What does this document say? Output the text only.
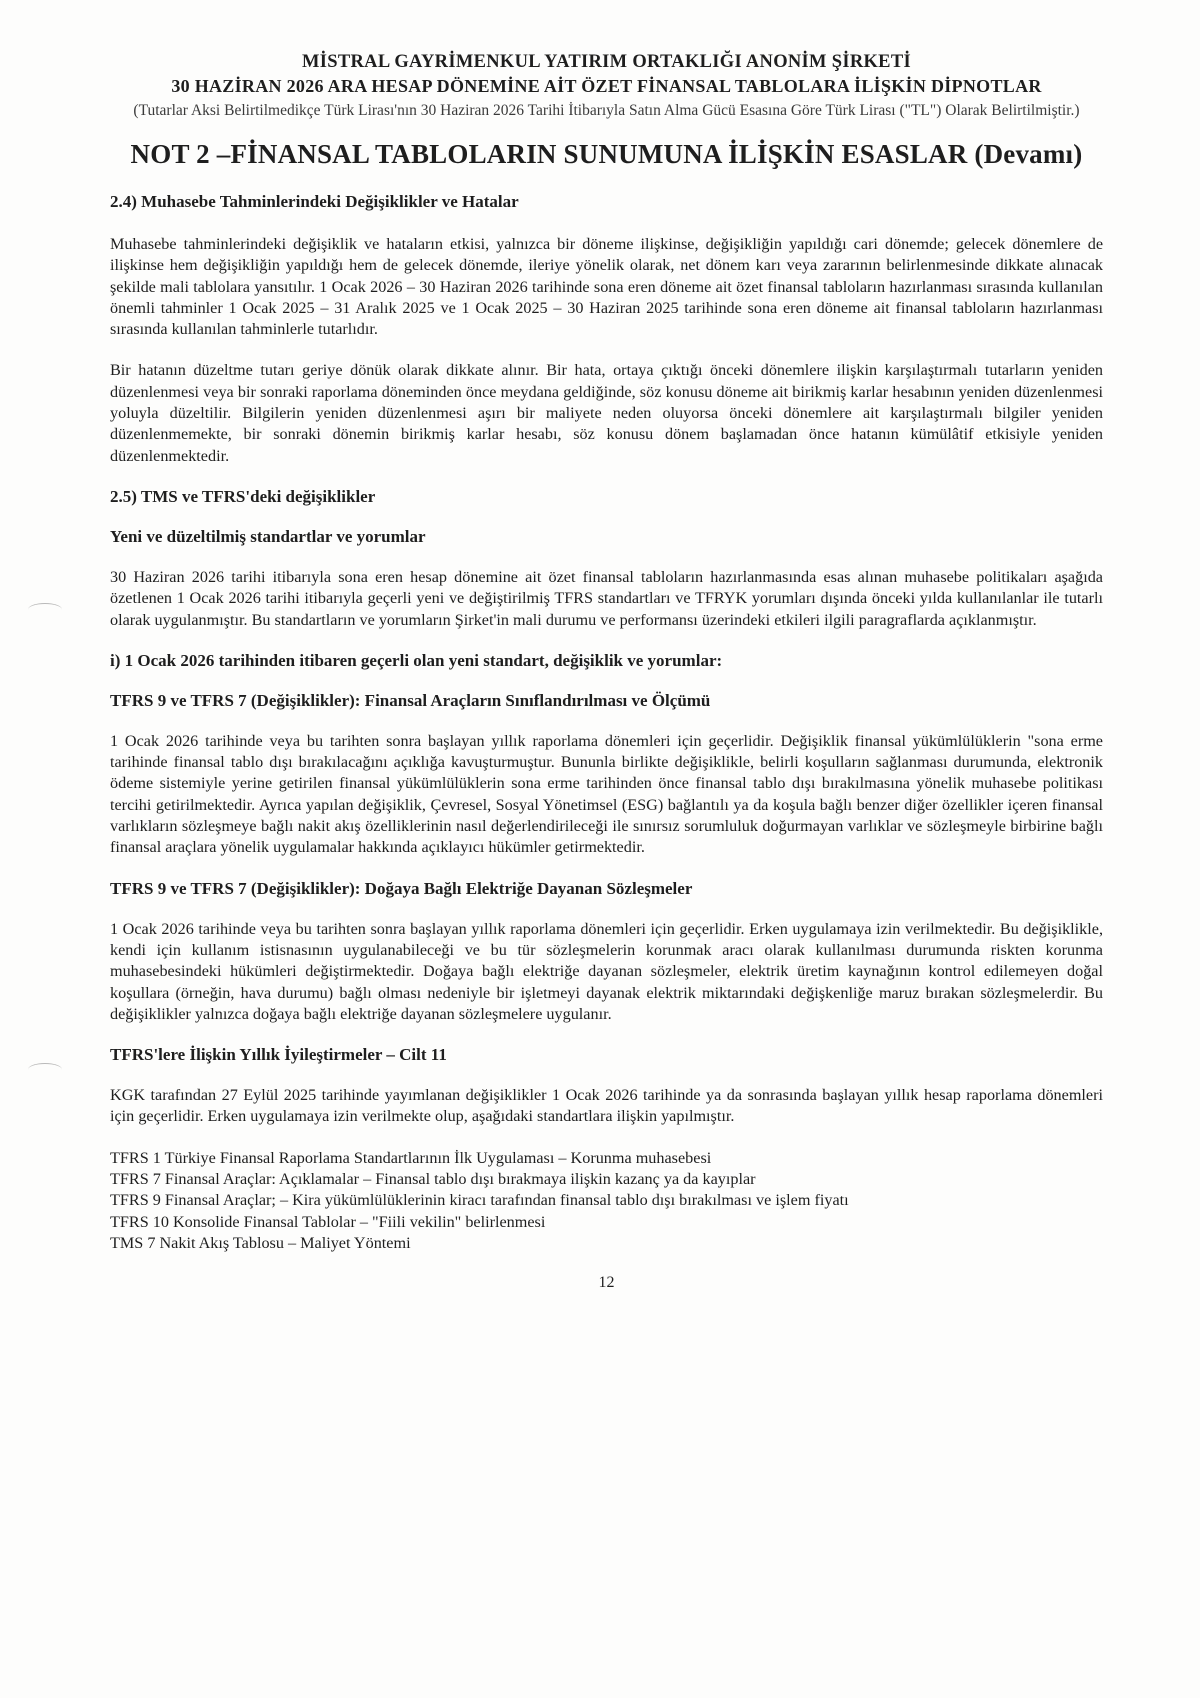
MİSTRAL GAYRİMENKUL YATIRIM ORTAKLIĞI ANONİM ŞİRKETİ
30 HAZİRAN 2026 ARA HESAP DÖNEMİNE AİT ÖZET FİNANSAL TABLOLARA İLİŞKİN DİPNOTLAR
(Tutarlar Aksi Belirtilmedikçe Türk Lirası'nın 30 Haziran 2026 Tarihi İtibarıyla Satın Alma Gücü Esasına Göre Türk Lirası ("TL") Olarak Belirtilmiştir.)
NOT 2 –FİNANSAL TABLOLARIN SUNUMUNA İLİŞKİN ESASLAR (Devamı)
2.4) Muhasebe Tahminlerindeki Değişiklikler ve Hatalar

Muhasebe tahminlerindeki değişiklik ve hataların etkisi, yalnızca bir döneme ilişkinse, değişikliğin yapıldığı cari dönemde; gelecek dönemlere de ilişkinse hem değişikliğin yapıldığı hem de gelecek dönemde, ileriye yönelik olarak, net dönem karı veya zararının belirlenmesinde dikkate alınacak şekilde mali tablolara yansıtılır. 1 Ocak 2026 – 30 Haziran 2026 tarihinde sona eren döneme ait özet finansal tabloların hazırlanması sırasında kullanılan önemli tahminler 1 Ocak 2025 – 31 Aralık 2025 ve 1 Ocak 2025 – 30 Haziran 2025 tarihinde sona eren döneme ait finansal tabloların hazırlanması sırasında kullanılan tahminlerle tutarlıdır.

Bir hatanın düzeltme tutarı geriye dönük olarak dikkate alınır. Bir hata, ortaya çıktığı önceki dönemlere ilişkin karşılaştırmalı tutarların yeniden düzenlenmesi veya bir sonraki raporlama döneminden önce meydana geldiğinde, söz konusu döneme ait birikmiş karlar hesabının yeniden düzenlenmesi yoluyla düzeltilir. Bilgilerin yeniden düzenlenmesi aşırı bir maliyete neden oluyorsa önceki dönemlere ait karşılaştırmalı bilgiler yeniden düzenlenmemekte, bir sonraki dönemin birikmiş karlar hesabı, söz konusu dönem başlamadan önce hatanın kümülâtif etkisiyle yeniden düzenlenmektedir.

2.5) TMS ve TFRS'deki değişiklikler
Yeni ve düzeltilmiş standartlar ve yorumlar

30 Haziran 2026 tarihi itibarıyla sona eren hesap dönemine ait özet finansal tabloların hazırlanmasında esas alınan muhasebe politikaları aşağıda özetlenen 1 Ocak 2026 tarihi itibarıyla geçerli yeni ve değiştirilmiş TFRS standartları ve TFRYK yorumları dışında önceki yılda kullanılanlar ile tutarlı olarak uygulanmıştır. Bu standartların ve yorumların Şirket'in mali durumu ve performansı üzerindeki etkileri ilgili paragraflarda açıklanmıştır.

i) 1 Ocak 2026 tarihinden itibaren geçerli olan yeni standart, değişiklik ve yorumlar:
TFRS 9 ve TFRS 7 (Değişiklikler): Finansal Araçların Sınıflandırılması ve Ölçümü

1 Ocak 2026 tarihinde veya bu tarihten sonra başlayan yıllık raporlama dönemleri için geçerlidir. Değişiklik finansal yükümlülüklerin "sona erme tarihinde finansal tablo dışı bırakılacağını açıklığa kavuşturmuştur. Bununla birlikte değişiklikle, belirli koşulların sağlanması durumunda, elektronik ödeme sistemiyle yerine getirilen finansal yükümlülüklerin sona erme tarihinden önce finansal tablo dışı bırakılmasına yönelik muhasebe politikası tercihi getirilmektedir. Ayrıca yapılan değişiklik, Çevresel, Sosyal Yönetimsel (ESG) bağlantılı ya da koşula bağlı benzer diğer özellikler içeren finansal varlıkların sözleşmeye bağlı nakit akış özelliklerinin nasıl değerlendirileceği ile sınırsız sorumluluk doğurmayan varlıklar ve sözleşmeyle birbirine bağlı finansal araçlara yönelik uygulamalar hakkında açıklayıcı hükümler getirmektedir.

TFRS 9 ve TFRS 7 (Değişiklikler): Doğaya Bağlı Elektriğe Dayanan Sözleşmeler

1 Ocak 2026 tarihinde veya bu tarihten sonra başlayan yıllık raporlama dönemleri için geçerlidir. Erken uygulamaya izin verilmektedir. Bu değişiklikle, kendi için kullanım istisnasının uygulanabileceği ve bu tür sözleşmelerin korunmak aracı olarak kullanılması durumunda riskten korunma muhasebesindeki hükümleri değiştirmektedir. Doğaya bağlı elektriğe dayanan sözleşmeler, elektrik üretim kaynağının kontrol edilemeyen doğal koşullara (örneğin, hava durumu) bağlı olması nedeniyle bir işletmeyi dayanak elektrik miktarındaki değişkenliğe maruz bırakan sözleşmelerdir. Bu değişiklikler yalnızca doğaya bağlı elektriğe dayanan sözleşmelere uygulanır.

TFRS'lere İlişkin Yıllık İyileştirmeler – Cilt 11

KGK tarafından 27 Eylül 2025 tarihinde yayımlanan değişiklikler 1 Ocak 2026 tarihinde ya da sonrasında başlayan yıllık hesap raporlama dönemleri için geçerlidir. Erken uygulamaya izin verilmekte olup, aşağıdaki standartlara ilişkin yapılmıştır.

TFRS 1 Türkiye Finansal Raporlama Standartlarının İlk Uygulaması – Korunma muhasebesi
TFRS 7 Finansal Araçlar: Açıklamalar – Finansal tablo dışı bırakmaya ilişkin kazanç ya da kayıplar
TFRS 9 Finansal Araçlar; – Kira yükümlülüklerinin kiracı tarafından finansal tablo dışı bırakılması ve işlem fiyatı
TFRS 10 Konsolide Finansal Tablolar – "Fiili vekilin" belirlenmesi
TMS 7 Nakit Akış Tablosu – Maliyet Yöntemi
12
